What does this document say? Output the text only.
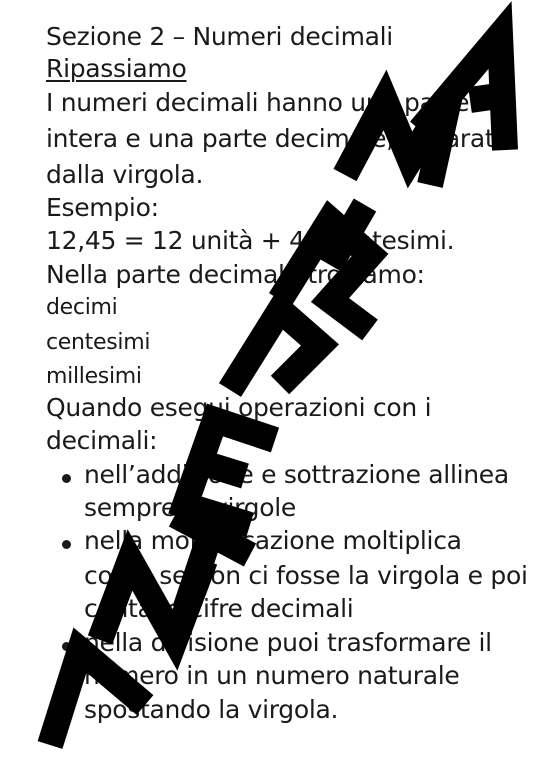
Sezione 2 – Numeri decimali
Ripassiamo
I numeri decimali hanno una parte
intera e una parte decimale, separate
dalla virgola.
Esempio:
12,45 = 12 unità + 45 centesimi.
Nella parte decimale troviamo:
decimi
centesimi
millesimi
Quando esegui operazioni con i
decimali:
nell’addizione e sottrazione allinea
sempre le virgole
nella moltiplicazione moltiplica
come se non ci fosse la virgola e poi
conta le cifre decimali
nella divisione puoi trasformare il
numero in un numero naturale
spostando la virgola.
